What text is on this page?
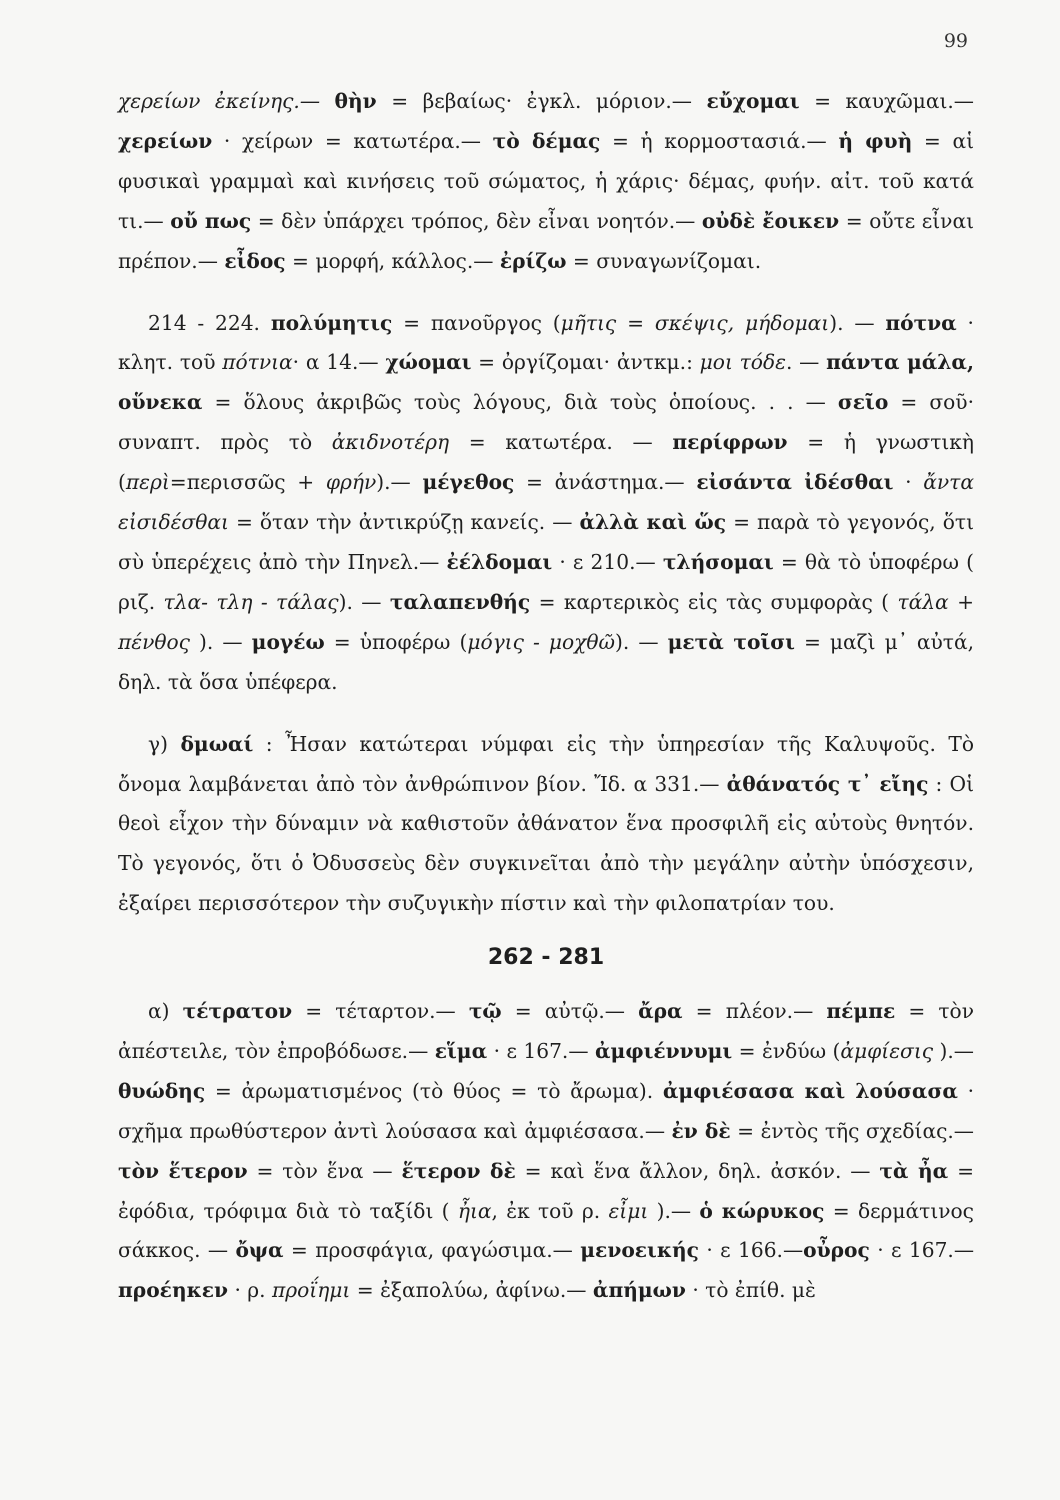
99

χερείων ἐκείνης.— θὴν = βεβαίως· ἐγκλ. μόριον.— εὔχομαι = καυχῶμαι.— χερείων · χείρων = κατωτέρα.— τὸ δέμας = ἡ κορμοστασιά.— ἡ φυὴ = αἱ φυσικαὶ γραμμαὶ καὶ κινήσεις τοῦ σώματος, ἡ χάρις· δέμας, φυήν. αἰτ. τοῦ κατά τι.— οὔ πως = δὲν ὑπάρχει τρόπος, δὲν εἶναι νοητόν.— οὐδὲ ἔοικεν = οὔτε εἶναι πρέπον.— εἶδος = μορφή, κάλλος.— ἐρίζω = συναγωνίζομαι.

214 - 224. πολύμητις = πανοῦργος (μῆτις = σκέψις, μήδομαι). — πότνα · κλητ. τοῦ πότνια· α 14.— χώομαι = ὀργίζομαι· ἀντκμ.: μοι τόδε. — πάντα μάλα, οὕνεκα = ὅλους ἀκριβῶς τοὺς λόγους, διὰ τοὺς ὁποίους. . . — σεῖο = σοῦ· συναπτ. πρὸς τὸ ἀκιδνοτέρη = κατωτέρα. — περίφρων = ἡ γνωστικὴ (περὶ=περισσῶς + φρήν).— μέγεθος = ἀνάστημα.— εἰσάντα ἰδέσθαι · ἄντα εἰσιδέσθαι = ὅταν τὴν ἀντικρύζῃ κανείς. — ἀλλὰ καὶ ὥς = παρὰ τὸ γεγονός, ὅτι σὺ ὑπερέχεις ἀπὸ τὴν Πηνελ.— ἐέλδομαι · ε 210.— τλήσομαι = θὰ τὸ ὑποφέρω ( ριζ. τλα- τλη - τάλας). — ταλαπενθής = καρτερικὸς εἰς τὰς συμφορὰς ( τάλα + πένθος ). — μογέω = ὑποφέρω (μόγις - μοχθῶ). — μετὰ τοῖσι = μαζὶ μ᾽ αὐτά, δηλ. τὰ ὅσα ὑπέφερα.

γ) δμωαί : Ἦσαν κατώτεραι νύμφαι εἰς τὴν ὑπηρεσίαν τῆς Καλυψοῦς. Τὸ ὄνομα λαμβάνεται ἀπὸ τὸν ἀνθρώπινον βίον. Ἴδ. α 331.— ἀθάνατός τ᾽ εἴης : Οἱ θεοὶ εἶχον τὴν δύναμιν νὰ καθιστοῦν ἀθάνατον ἕνα προσφιλῆ εἰς αὐτοὺς θνητόν. Τὸ γεγονός, ὅτι ὁ Ὀδυσσεὺς δὲν συγκινεῖται ἀπὸ τὴν μεγάλην αὐτὴν ὑπόσχεσιν, ἐξαίρει περισσότερον τὴν συζυγικὴν πίστιν καὶ τὴν φιλοπατρίαν του.

262 - 281

α) τέτρατον = τέταρτον.— τῷ = αὐτῷ.— ἄρα = πλέον.— πέμπε = τὸν ἀπέστειλε, τὸν ἐπροβόδωσε.— εἵμα · ε 167.— ἀμφιέννυμι = ἐνδύω (ἀμφίεσις ).— θυώδης = ἀρωματισμένος (τὸ θύος = τὸ ἄρωμα). ἀμφιέσασα καὶ λούσασα · σχῆμα πρωθύστερον ἀντὶ λούσασα καὶ ἀμφιέσασα.— ἐν δὲ = ἐντὸς τῆς σχεδίας.— τὸν ἕτερον = τὸν ἕνα — ἕτερον δὲ = καὶ ἕνα ἄλλον, δηλ. ἀσκόν. — τὰ ἦα = ἐφόδια, τρόφιμα διὰ τὸ ταξίδι ( ἦια, ἐκ τοῦ ρ. εἶμι ).— ὁ κώρυκος = δερμάτινος σάκκος. — ὄψα = προσφάγια, φαγώσιμα.— μενοεικής · ε 166.—οὖρος · ε 167.— προέηκεν · ρ. προΐημι = ἐξαπολύω, ἀφίνω.— ἀπήμων · τὸ ἐπίθ. μὲ
